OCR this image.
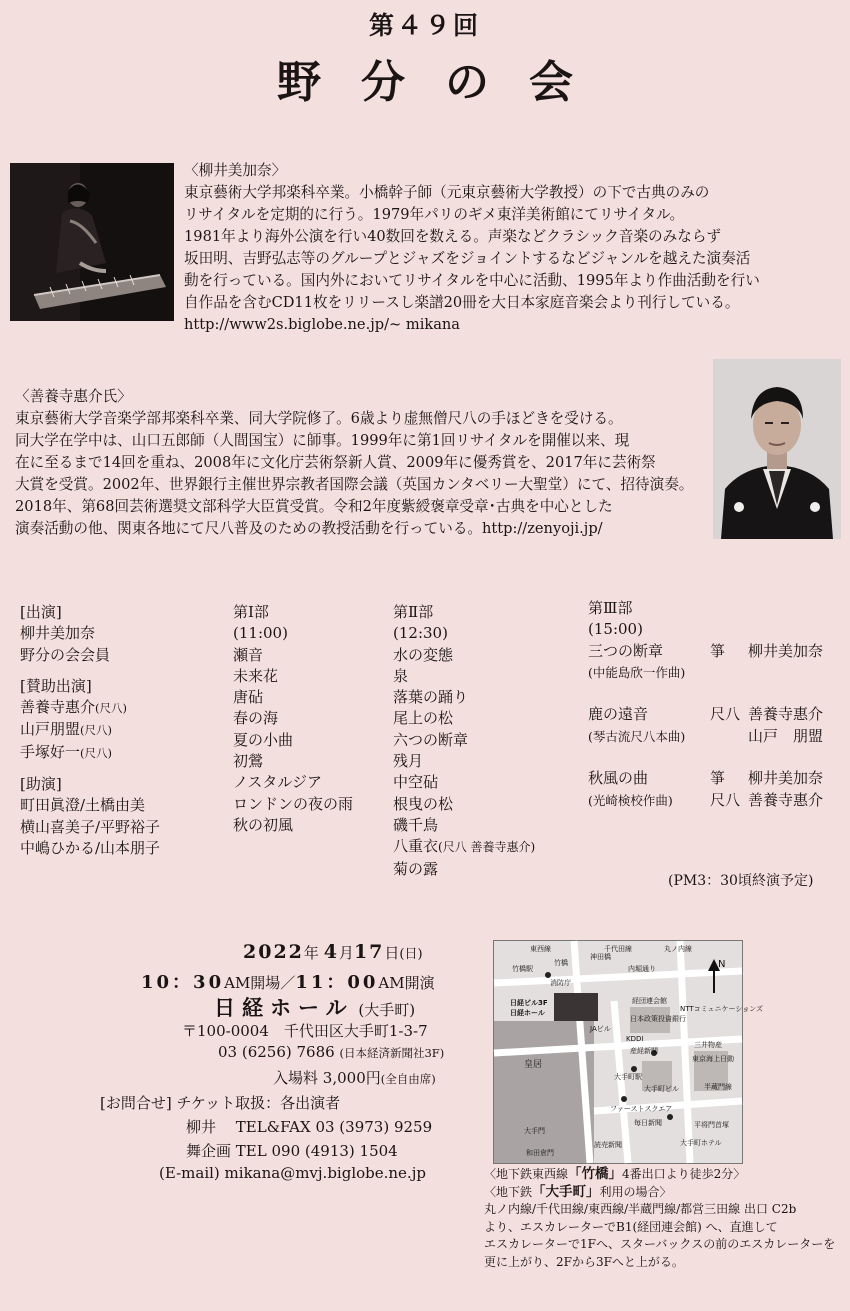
第４９回
野分の会
〈柳井美加奈〉
東京藝術大学邦楽科卒業。小橋幹子師（元東京藝術大学教授）の下で古典のみの
リサイタルを定期的に行う。1979年パリのギメ東洋美術館にてリサイタル。
1981年より海外公演を行い40数回を数える。声楽などクラシック音楽のみならず
坂田明、吉野弘志等のグループとジャズをジョイントするなどジャンルを越えた演奏活
動を行っている。国内外においてリサイタルを中心に活動、1995年より作曲活動を行い
自作品を含むCD11枚をリリースし楽譜20冊を大日本家庭音楽会より刊行している。
http://www2s.biglobe.ne.jp/~ mikana
〈善養寺惠介氏〉
東京藝術大学音楽学部邦楽科卒業、同大学院修了。6歳より虚無僧尺八の手ほどきを受ける。
同大学在学中は、山口五郎師（人間国宝）に師事。1999年に第1回リサイタルを開催以来、現
在に至るまで14回を重ね、2008年に文化庁芸術祭新人賞、2009年に優秀賞を、2017年に芸術祭
大賞を受賞。2002年、世界銀行主催世界宗教者国際会議（英国カンタベリー大聖堂）にて、招待演奏。
2018年、第68回芸術選奨文部科学大臣賞受賞。令和2年度紫綬褒章受章･古典を中心とした
演奏活動の他、関東各地にて尺八普及のための教授活動を行っている。http://zenyoji.jp/
[出演]
柳井美加奈
野分の会会員
[賛助出演]
善養寺惠介(尺八)
山戸朋盟(尺八)
手塚好一(尺八)
[助演]
町田眞澄/土橋由美
横山喜美子/平野裕子
中嶋ひかる/山本朋子
第Ⅰ部
(11:00)
瀬音
未来花
唐砧
春の海
夏の小曲
初鶯
ノスタルジア
ロンドンの夜の雨
秋の初風
第Ⅱ部
(12:30)
水の変態
泉
落葉の踊り
尾上の松
六つの断章
残月
中空砧
根曳の松
磯千鳥
八重衣(尺八 善養寺惠介)
菊の露
第Ⅲ部
(15:00)
三つの断章	箏 柳井美加奈
(中能島欣一作曲)
鹿の遠音	尺八 善養寺惠介
(琴古流尺八本曲)	山戸　朋盟
秋風の曲	箏 柳井美加奈
(光崎検校作曲) 尺八 善養寺惠介
(PM3：30頃終演予定)
2022年 4月17日(日)
10：30AM開場／11：00AM開演
日経ホール (大手町)
〒100-0004　千代田区大手町1-3-7
03 (6256) 7686 (日本経済新聞社3F)
入場料 3,000円(全自由席)
[お問合せ] チケット取扱：各出演者
柳井　 TEL&FAX 03 (3973) 9259
舞企画 TEL 090 (4913) 1504
(E-mail) mikana@mvj.biglobe.ne.jp
竹橋駅
竹橋
日経ビル3F
日経ホール
JAビル
KDDI
皇居
大手門
大手町駅
NTTコミュニケーションズ
千代田線	丸ノ内線
東西線
半蔵門線
内堀通り
神田橋
経団連会館
日本政策投資銀行
産経新聞
大手町ビル
ファーストスクエア
東京海上日動
三井物産
平将門首塚
消防庁
毎日新聞
読売新聞	大手町ホテル
和田倉門
N
〈地下鉄東西線「竹橋」4番出口より徒歩2分〉
〈地下鉄「大手町」利用の場合〉
丸ノ内線/千代田線/東西線/半蔵門線/都営三田線 出口 C2b
より、エスカレーターでB1(経団連会館) へ、直進して
エスカレーターで1Fへ、スターバックスの前のエスカレーターを
更に上がり、2Fから3Fへと上がる。
